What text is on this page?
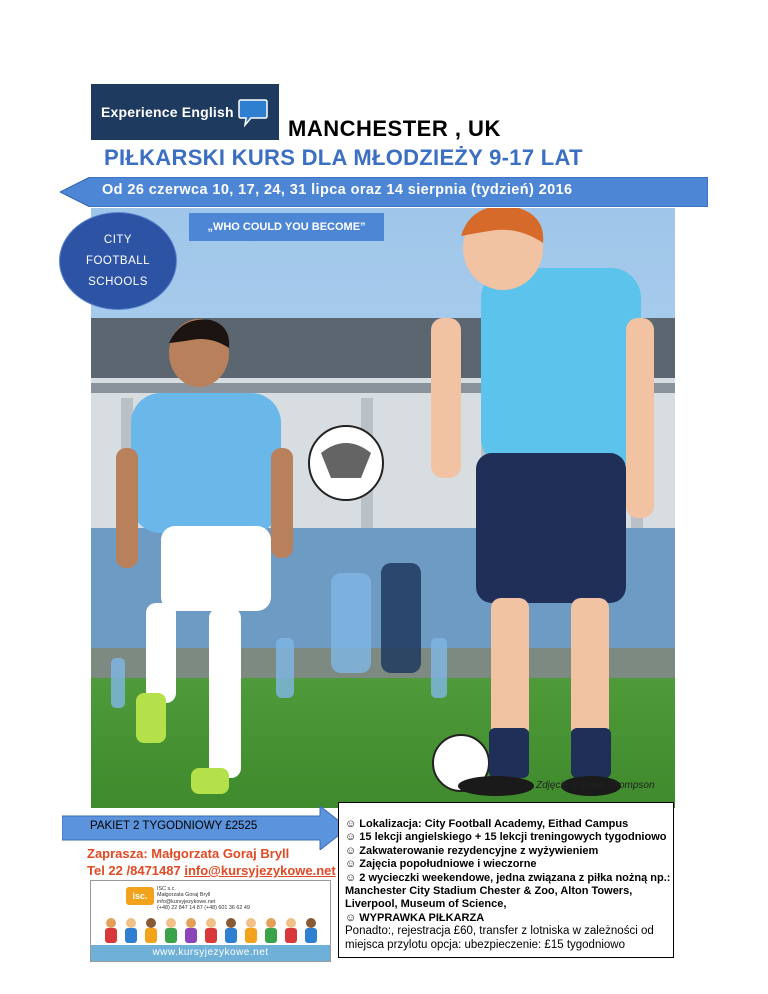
Experience English
MANCHESTER , UK
PIŁKARSKI KURS DLA MŁODZIEŻY 9-17 LAT
Od 26 czerwca 10, 17, 24, 31 lipca oraz 14 sierpnia (tydzień) 2016
„WHO COULD YOU BECOME”
CITY
FOOTBALL
SCHOOLS
Zdjęcie © Dave Thompson
PAKIET 2 TYGODNIOWY £2525	☺ Lokalizacja: City Football Academy, Eithad Campus
☺ 15 lekcji angielskiego + 15 lekcji treningowych tygodniowo
☺ Zakwaterowanie rezydencyjne z wyżywieniem
☺ Zajęcia popołudniowe i wieczorne
☺ 2 wycieczki weekendowe, jedna związana z piłka nożną np.:
Manchester City Stadium Chester & Zoo, Alton Towers,
Liverpool, Museum of Science,
☺ WYPRAWKA PIŁKARZA
Ponadto:, rejestracja £60, transfer z lotniska w zależności od
miejsca przylotu opcja: ubezpieczenie: £15 tygodniowo
Zaprasza: Małgorzata Goraj Bryll
Tel 22 /8471487 info@kursyjezykowe.net
isc.
ISC s.c.
Małgorzata Goraj Bryll
info@kursyjezykowe.net
(+48) 22 847 14 87 (+48) 601 36 62 49
www.kursyjezykowe.net
